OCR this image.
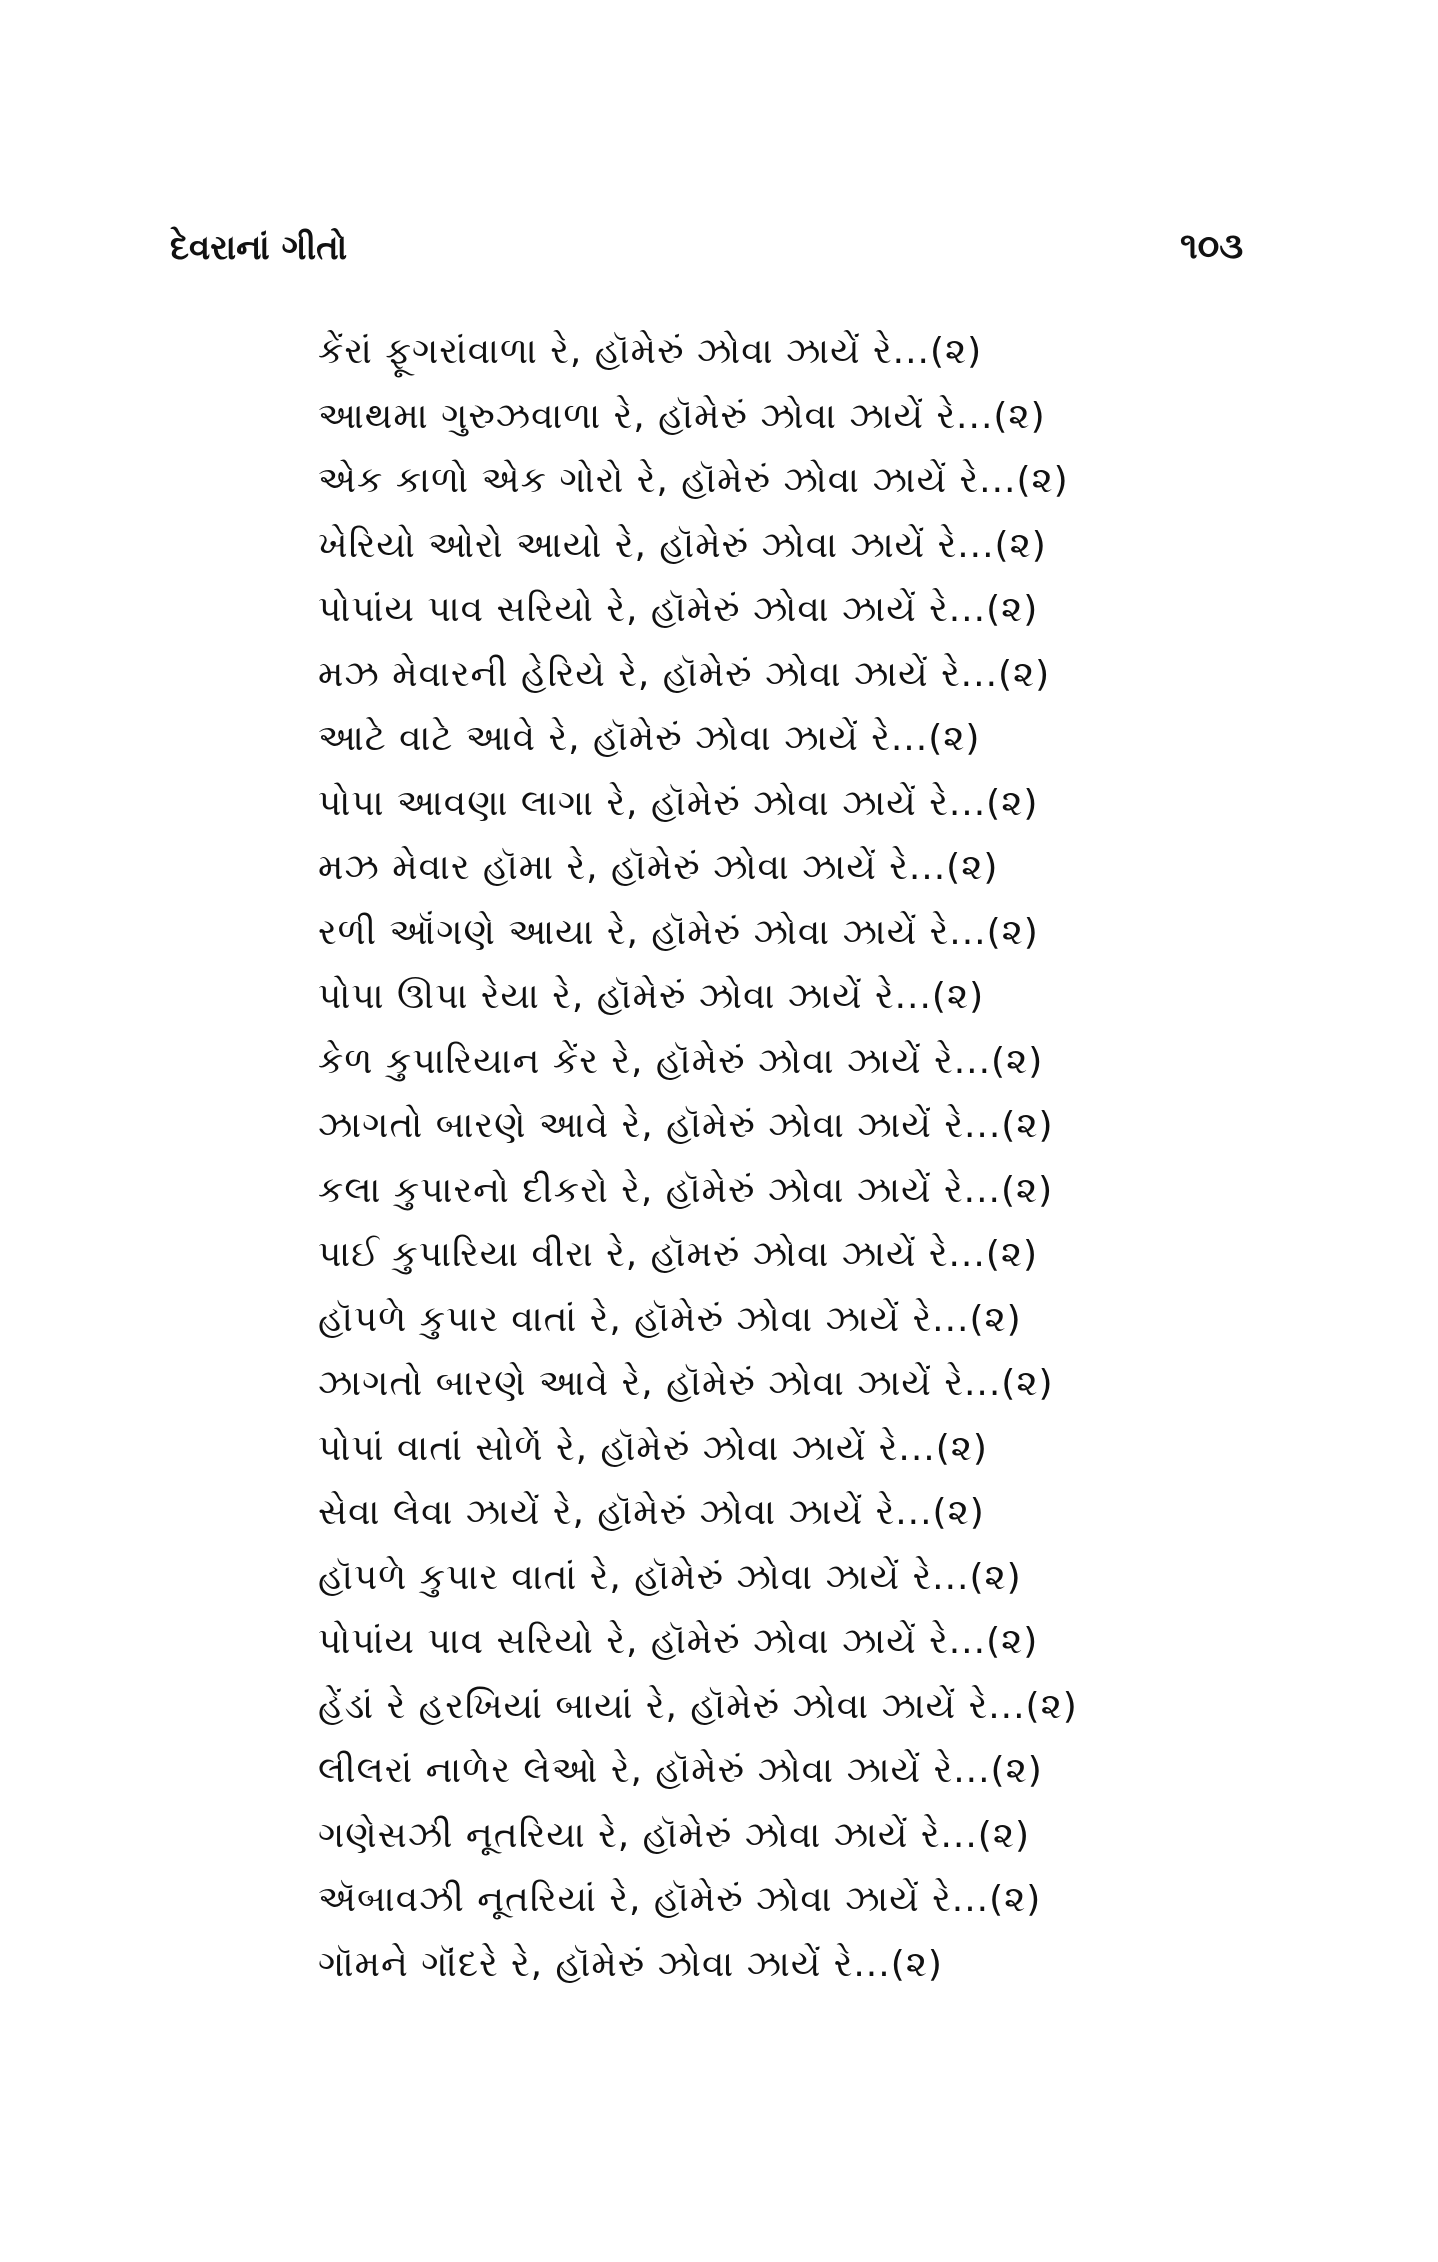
દેવરાનાં ગીતો	૧૦૩
કેંરાં ફૂગરાંવાળા રે, હૉમેરું ઝોવા ઝાયેં રે...(૨)
આથમા ગુરુઝવાળા રે, હૉમેરું ઝોવા ઝાયેં રે...(૨)
એક કાળો એક ગોરો રે, હૉમેરું ઝોવા ઝાયેં રે...(૨)
ખેરિયો ઓરો આયો રે, હૉમેરું ઝોવા ઝાયેં રે...(૨)
પોપાંય પાવ સરિયો રે, હૉમેરું ઝોવા ઝાયેં રે...(૨)
મઝ મેવારની હેરિયે રે, હૉમેરું ઝોવા ઝાયેં રે...(૨)
આટે વાટે આવે રે, હૉમેરું ઝોવા ઝાયેં રે...(૨)
પોપા આવણા લાગા રે, હૉમેરું ઝોવા ઝાયેં રે...(૨)
મઝ મેવાર હૉમા રે, હૉમેરું ઝોવા ઝાયેં રે...(૨)
રળી ઑંગણે આયા રે, હૉમેરું ઝોવા ઝાયેં રે...(૨)
પોપા ઊપા રેયા રે, હૉમેરું ઝોવા ઝાયેં રે...(૨)
કેળ કુપારિયાન કેંર રે, હૉમેરું ઝોવા ઝાયેં રે...(૨)
ઝાગતો બારણે આવે રે, હૉમેરું ઝોવા ઝાયેં રે...(૨)
કલા કુપારનો દીકરો રે, હૉમેરું ઝોવા ઝાયેં રે...(૨)
પાઈ કુપારિયા વીરા રે, હૉમરું ઝોવા ઝાયેં રે...(૨)
હૉપળે કુપાર વાતાં રે, હૉમેરું ઝોવા ઝાયેં રે...(૨)
ઝાગતો બારણે આવે રે, હૉમેરું ઝોવા ઝાયેં રે...(૨)
પોપાં વાતાં સોળેં રે, હૉમેરું ઝોવા ઝાયેં રે...(૨)
સેવા લેવા ઝાયેં રે, હૉમેરું ઝોવા ઝાયેં રે...(૨)
હૉપળે કુપાર વાતાં રે, હૉમેરું ઝોવા ઝાયેં રે...(૨)
પોપાંય પાવ સરિયો રે, હૉમેરું ઝોવા ઝાયેં રે...(૨)
હેંડાં રે હરખિયાં બાયાં રે, હૉમેરું ઝોવા ઝાયેં રે...(૨)
લીલરાં નાળેર લેઓ રે, હૉમેરું ઝોવા ઝાયેં રે...(૨)
ગણેસઝી નૂતરિયા રે, હૉમેરું ઝોવા ઝાયેં રે...(૨)
ઍબાવઝી નૂતરિયાં રે, હૉમેરું ઝોવા ઝાયેં રે...(૨)
ગૉમને ગૉંદરે રે, હૉમેરું ઝોવા ઝાયેં રે...(૨)
